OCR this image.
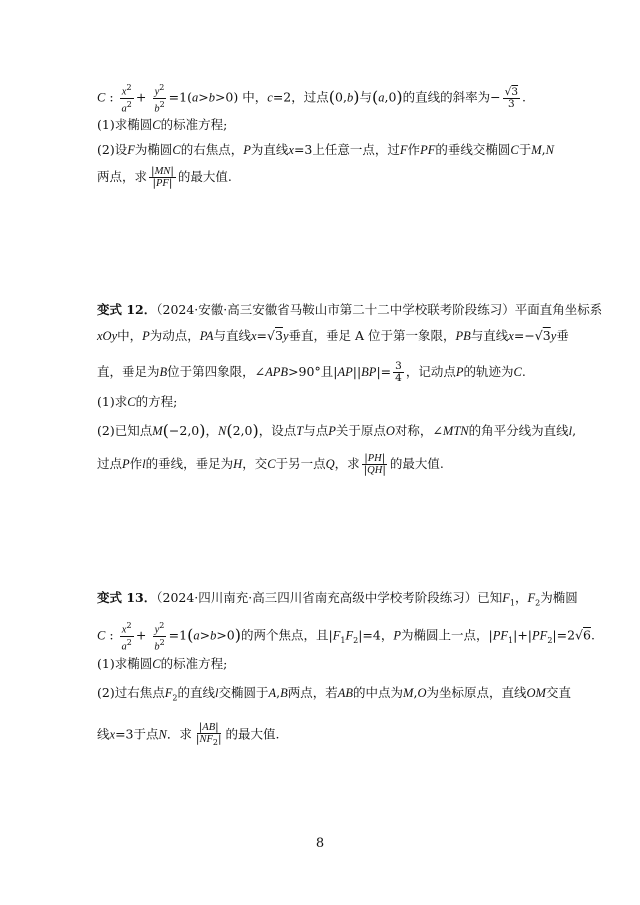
C : $\frac{x^2}{a^2} + \frac{y^2}{b^2} =1(a>b>0)$ 中，c=2，过点(0,b)与(a,0)的直线的斜率为− $\frac{√3}{3}$ .
(1)求椭圆C的标准方程;
(2)设F为椭圆C的右焦点，P为直线x=3上任意一点，过F作PF的垂线交椭圆C于M,N
两点，求 $\frac{|MN|}{|PF|}$ 的最大值.
变式 12．（2024·安徽·高三安徽省马鞍山市第二十二中学校联考阶段练习）平面直角坐标系
xOy中，P为动点，PA与直线x=√3y垂直，垂足 A 位于第一象限，PB与直线x=−√3y垂
直，垂足为B位于第四象限，∠APB>90°且$|AP||BP|= \frac{3}{4}$ ，记动点P的轨迹为C.
(1)求C的方程;
(2)已知点M(−2,0)，N(2,0)，设点T与点P关于原点O对称，∠MTN的角平分线为直线l,
过点P作l的垂线，垂足为H，交C于另一点Q，求 $\frac{|PH|}{|QH|}$ 的最大值.
变式 13．（2024·四川南充·高三四川省南充高级中学校考阶段练习）已知$F_1$，$F_2$为椭圆
C : $\frac{x^2}{a^2} + \frac{y^2}{b^2} =1(a>b>0)$的两个焦点，且$|F_1F_2|=4$，P为椭圆上一点，$|PF_1|+|PF_2|=2√6$.
(1)求椭圆C的标准方程;
(2)过右焦点$F_2$的直线l交椭圆于A,B两点，若AB的中点为M,O为坐标原点，直线OM交直
线x=3于点N．求 $\frac{|AB|}{|NF_2|}$ 的最大值.
8
